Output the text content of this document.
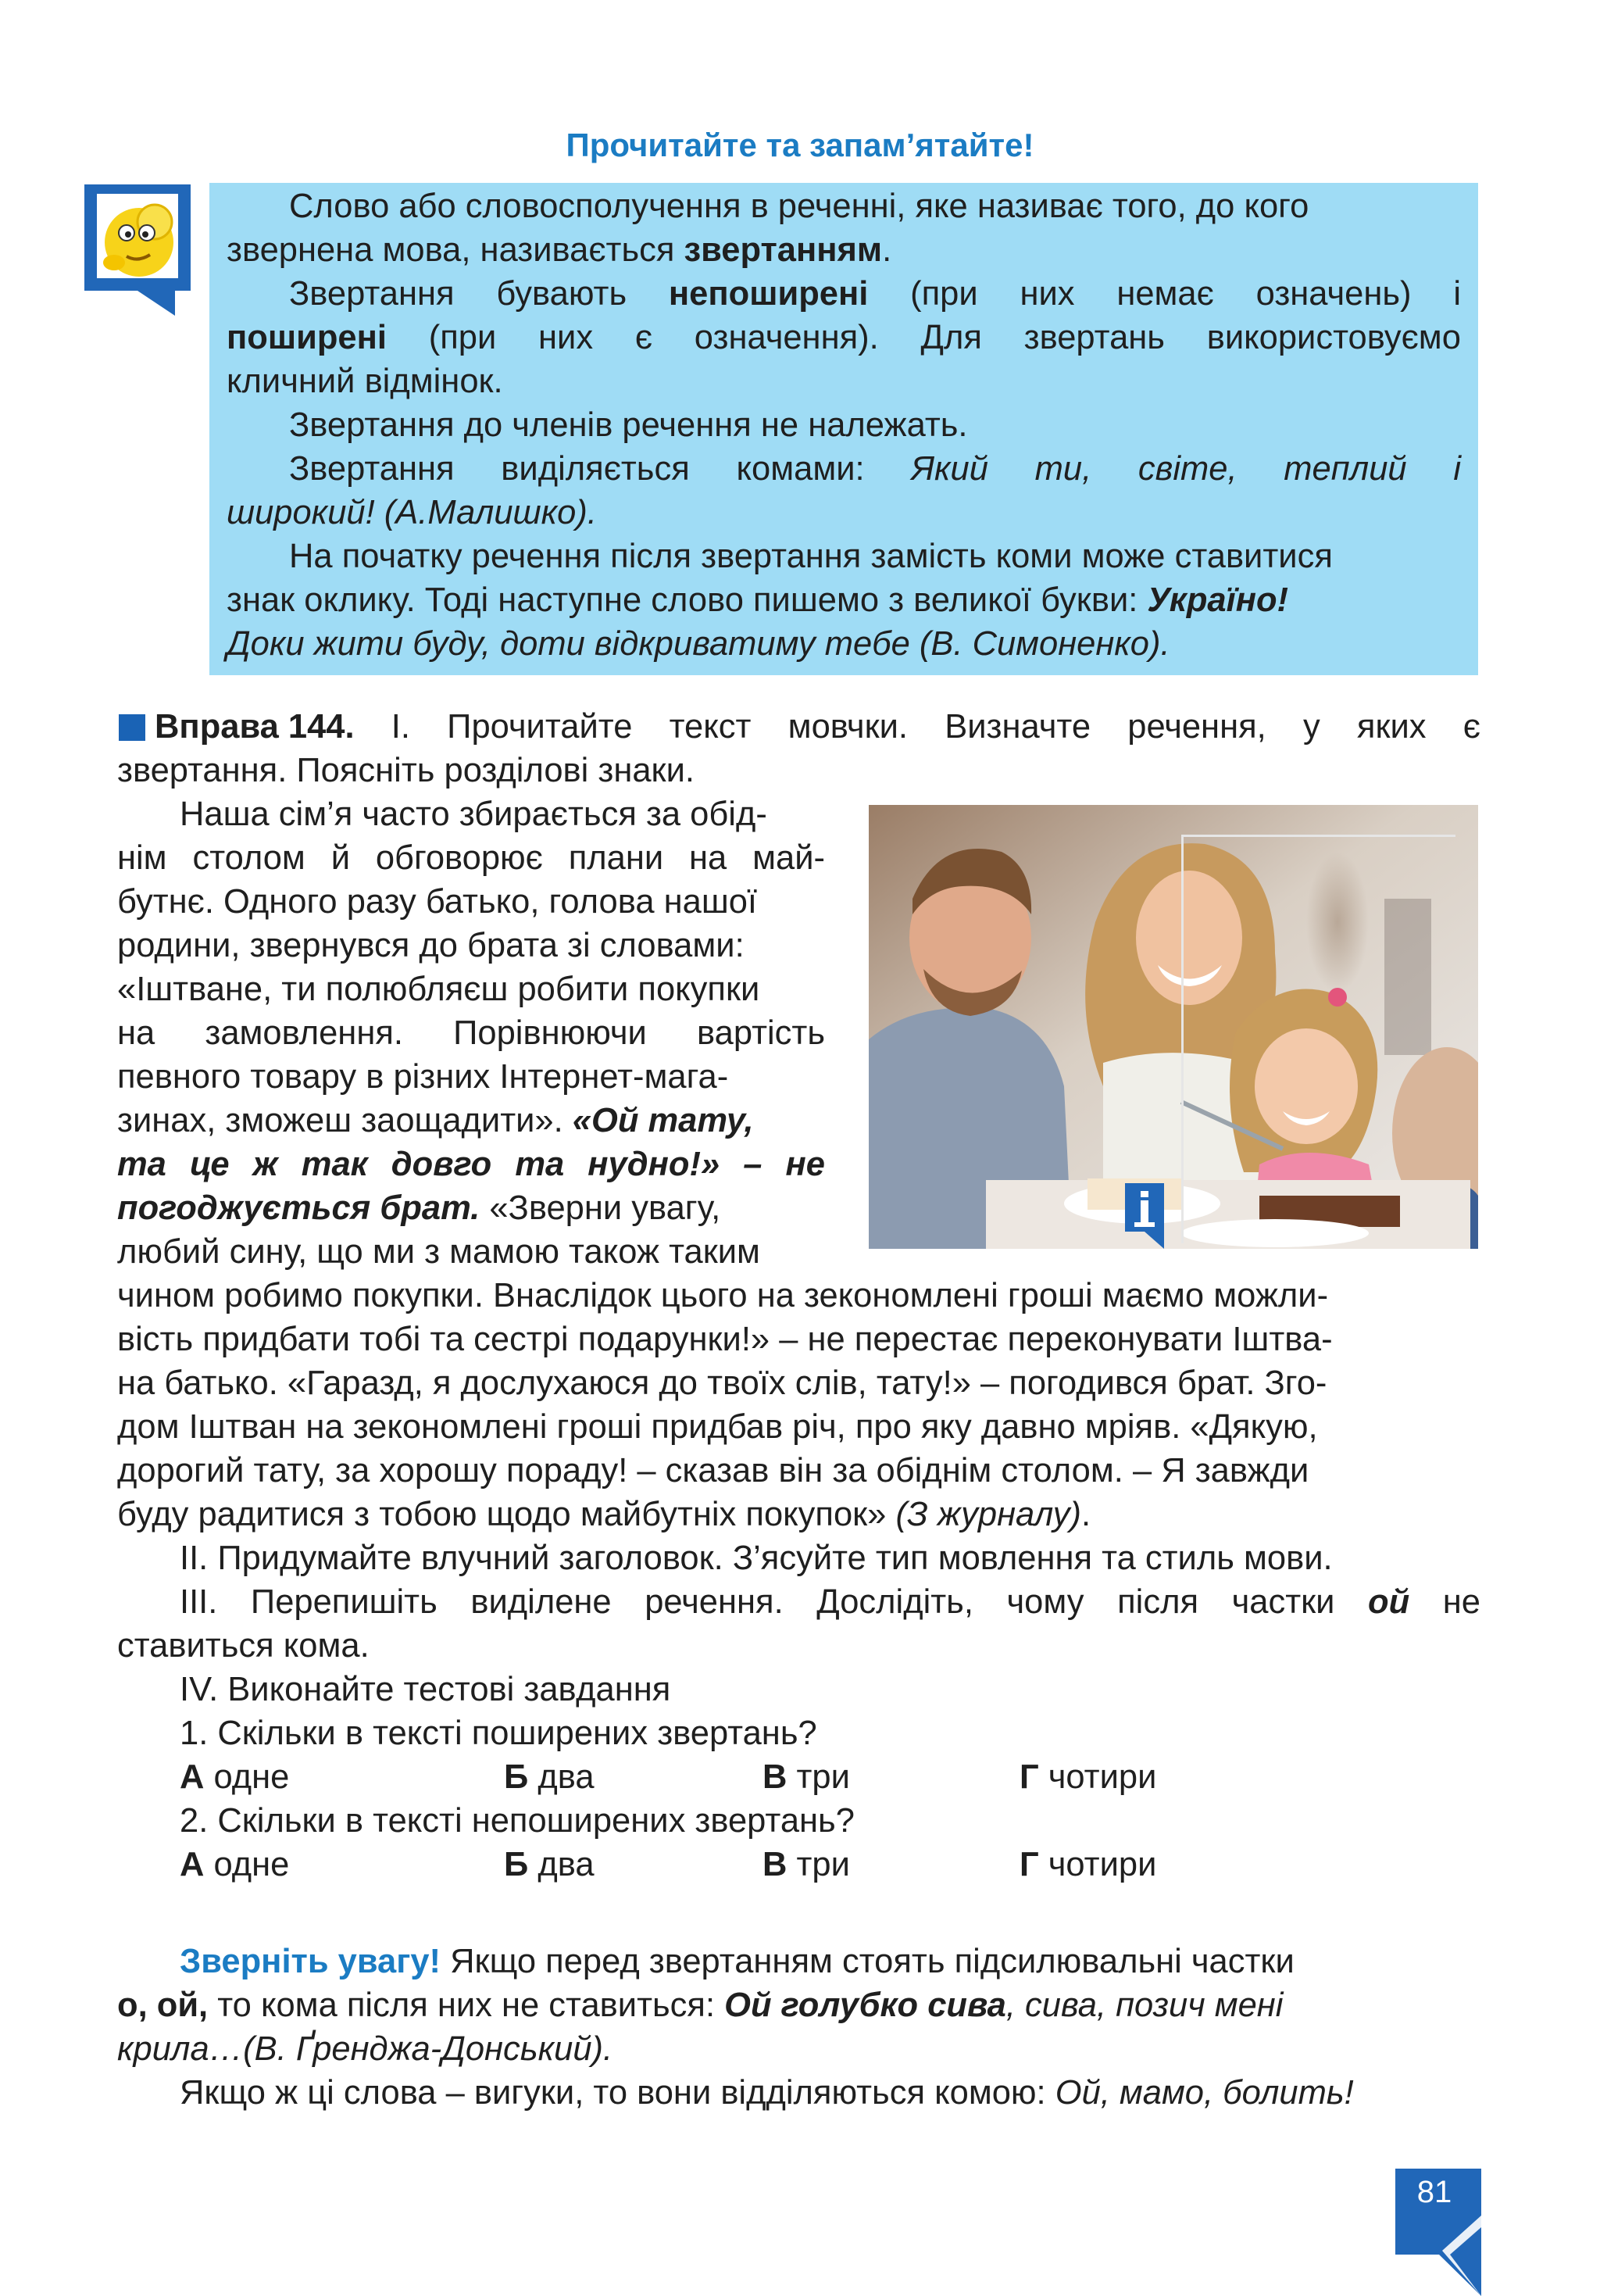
Прочитайте та запам’ятайте!
Слово або словосполучення в реченні, яке називає того, до кого
звернена мова, називається звертанням.
Звертання бувають непоширені (при них немає означень) і
поширені (при них є означення). Для звертань використовуємо
кличний відмінок.
Звертання до членів речення не належать.
Звертання виділяється комами: Який ти, світе, теплий і
широкий! (А.Малишко).
На початку речення після звертання замість коми може ставитися
знак оклику. Тоді наступне слово пишемо з великої букви: Україно!
Доки жити буду, доти відкриватиму тебе (В. Симоненко).
Вправа 144. І. Прочитайте текст мовчки. Визначте речення, у яких є
звертання. Поясніть розділові знаки.
Наша сім’я часто збирається за обід-
нім столом й обговорює плани на май-
бутнє. Одного разу батько, голова нашої
родини, звернувся до брата зі словами:
«Іштване, ти полюбляєш робити покупки
на замовлення. Порівнюючи вартість
певного товару в різних Інтернет-мага-
зинах, зможеш заощадити». «Ой тату,
та це ж так довго та нудно!» – не
погоджується брат. «Зверни увагу,
любий сину, що ми з мамою також таким
чином робимо покупки. Внаслідок цього на зекономлені гроші маємо можли-
вість придбати тобі та сестрі подарунки!» – не перестає переконувати Іштва-
на батько. «Гаразд, я дослухаюся до твоїх слів, тату!» – погодився брат. Зго-
дом Іштван на зекономлені гроші придбав річ, про яку давно мріяв. «Дякую,
дорогий тату, за хорошу пораду! – сказав він за обіднім столом. – Я завжди
буду радитися з тобою щодо майбутніх покупок» (З журналу).
ІІ. Придумайте влучний заголовок. З’ясуйте тип мовлення та стиль мови.
ІІІ. Перепишіть виділене речення. Дослідіть, чому після частки ой не
ставиться кома.
IV. Виконайте тестові завдання
1. Скільки в тексті поширених звертань?
А одне	Б два	В три	Г чотири
2. Скільки в тексті непоширених звертань?
А одне	Б два	В три	Г чотири
Зверніть увагу! Якщо перед звертанням стоять підсилювальні частки
о, ой, то кома після них не ставиться: Ой голубко сива, сива, позич мені
крила…(В. Ґренджа-Донський).
Якщо ж ці слова – вигуки, то вони відділяються комою: Ой, мамо, болить!
81
